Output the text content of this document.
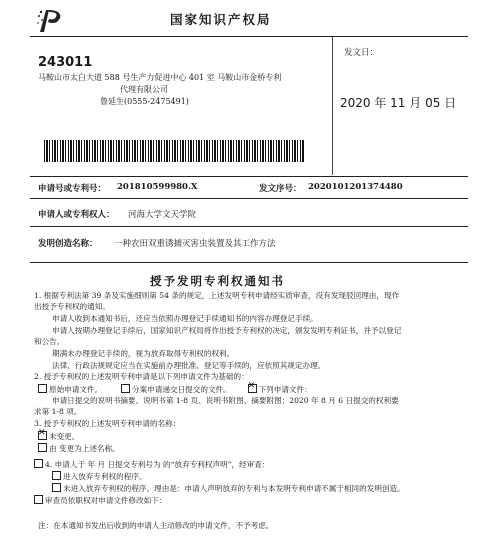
国家知识产权局
243011
马鞍山市太白大道 588 号生产力促进中心 401 室 马鞍山市金桥专利
代理有限公司
鲁延生(0555-2475491)
发文日：
2020 年 11 月 05 日
申请号或专利号： 201810599980.X	发文序号： 2020101201374480
申请人或专利权人： 河海大学文天学院
发明创造名称： 一种农田双重诱捕灭害虫装置及其工作方法
授予发明专利权通知书
1. 根据专利法第 39 条及实施细则第 54 条的规定，上述发明专利申请经实质审查，没有发现驳回理由，现作
出授予专利权的通知。
申请人收到本通知书后，还应当依照办理登记手续通知书的内容办理登记手续。
申请人按期办理登记手续后，国家知识产权局将作出授予专利权的决定，颁发发明专利证书，并予以登记
和公告。
期满未办理登记手续的，视为放弃取得专利权的权利。
法律、行政法规规定应当在实施前办理批准、登记等手续的，应依照其规定办理。
2. 授予专利权的上述发明专利申请是以下列申请文件为基础的：
原始申请文件。	分案申请递交日提交的文件。  ✕	下列申请文件：
申请日提交的说明书摘要、说明书第 1-8 页、说明书附图、摘要附图；2020 年 8 月 6 日提交的权利要
求第 1-8 项。
3. 授予专利权的上述发明专利申请的名称：
✕未变更。
由 变更为上述名称。
4. 申请人于 年 月 日提交专利号为 的“放弃专利权声明”，经审查：
进入放弃专利权的程序。
未进入放弃专利权的程序。理由是：申请人声明放弃的专利与本发明专利申请不属于相同的发明创造。
审查员依职权对申请文件修改如下：
注：在本通知书发出后收到的申请人主动修改的申请文件，不予考虑。
